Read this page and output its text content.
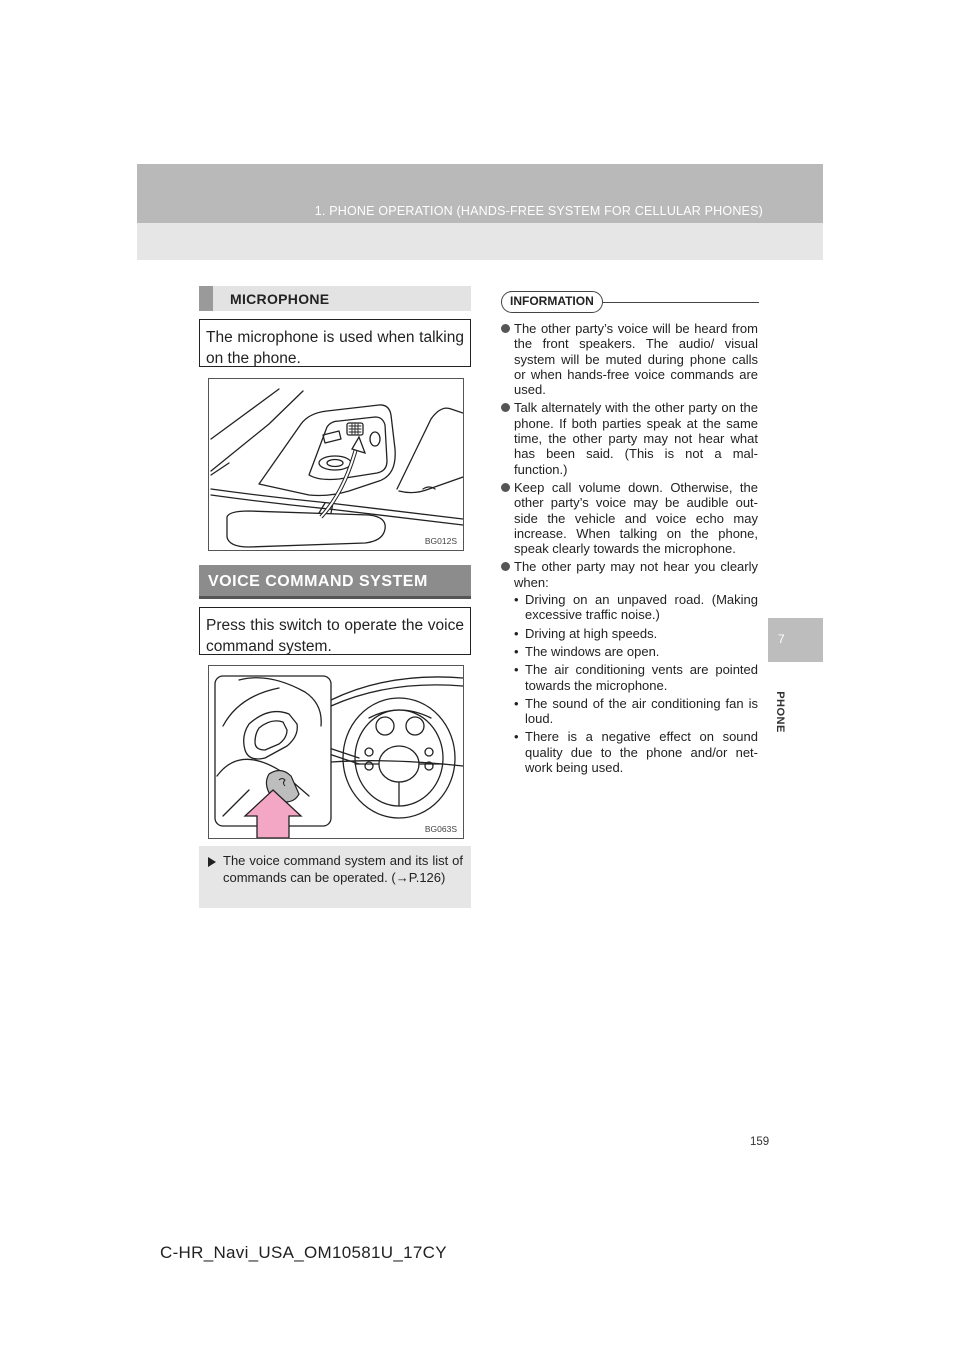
1. PHONE OPERATION (HANDS-FREE SYSTEM FOR CELLULAR PHONES)
7
PHONE
MICROPHONE
The microphone is used when talking on the phone.
BG012S
VOICE COMMAND SYSTEM
Press this switch to operate the voice command system.
BG063S
The voice command system and its list of commands can be operated. (→P.126)
INFORMATION
The other party’s voice will be heard from the front speakers. The audio/ visual system will be muted during phone calls or when hands-free voice commands are used.
Talk alternately with the other party on the phone. If both parties speak at the same time, the other party may not hear what has been said. (This is not a mal- function.)
Keep call volume down. Otherwise, the other party’s voice may be audible out- side the vehicle and voice echo may increase. When talking on the phone, speak clearly towards the microphone.
The other party may not hear you clearly when:
• Driving on an unpaved road. (Making excessive traffic noise.)
• Driving at high speeds.
• The windows are open.
• The air conditioning vents are pointed towards the microphone.
• The sound of the air conditioning fan is loud.
• There is a negative effect on sound quality due to the phone and/or net- work being used.
159
C-HR_Navi_USA_OM10581U_17CY
